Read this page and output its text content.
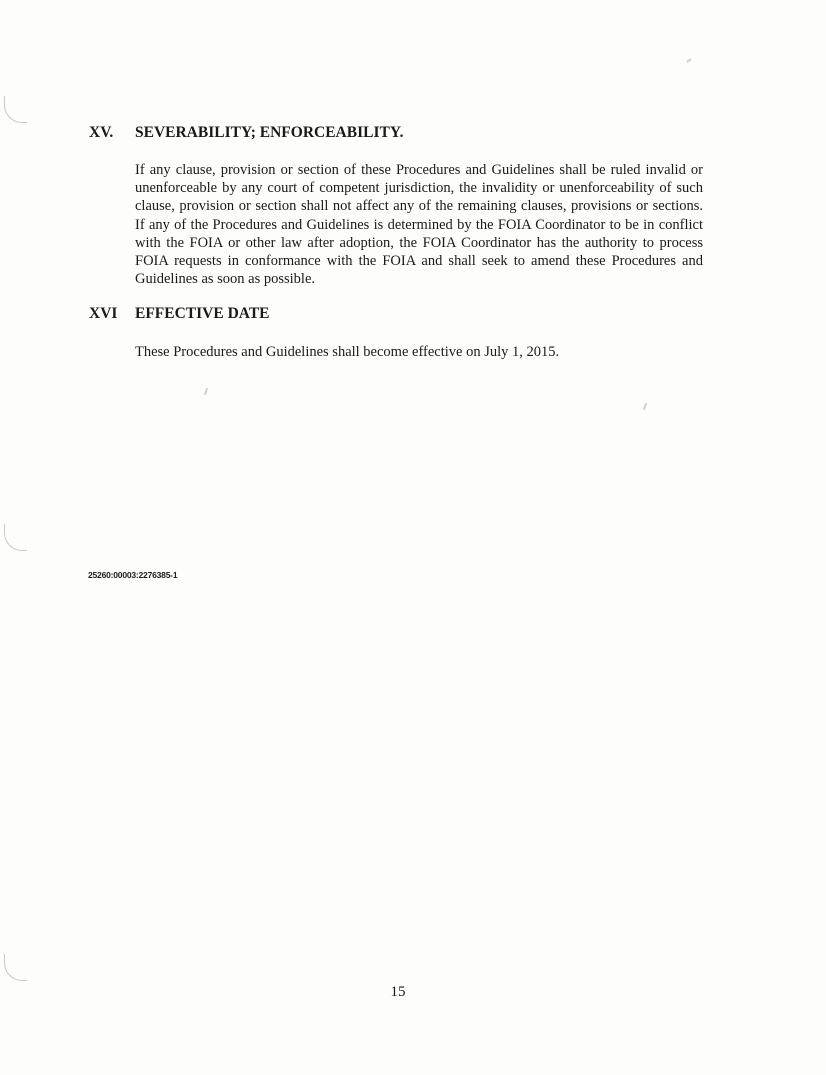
XV. SEVERABILITY; ENFORCEABILITY.
If any clause, provision or section of these Procedures and Guidelines shall be ruled invalid or unenforceable by any court of competent jurisdiction, the invalidity or unenforceability of such clause, provision or section shall not affect any of the remaining clauses, provisions or sections. If any of the Procedures and Guidelines is determined by the FOIA Coordinator to be in conflict with the FOIA or other law after adoption, the FOIA Coordinator has the authority to process FOIA requests in conformance with the FOIA and shall seek to amend these Procedures and Guidelines as soon as possible.
XVI EFFECTIVE DATE
These Procedures and Guidelines shall become effective on July 1, 2015.
25260:00003:2276385-1
15
